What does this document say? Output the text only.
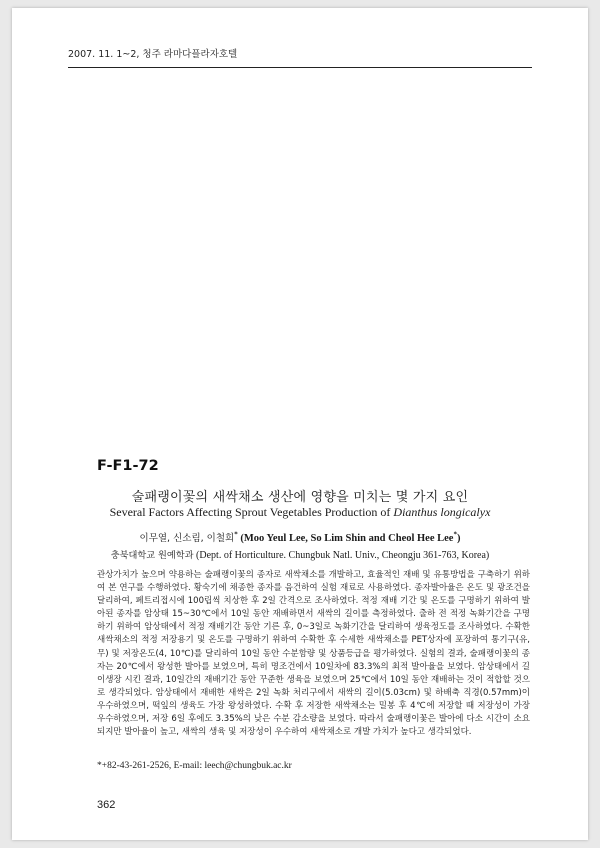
2007. 11. 1~2, 청주 라마다플라자호텔
F-F1-72
술패랭이꽃의 새싹채소 생산에 영향을 미치는 몇 가지 요인
Several Factors Affecting Sprout Vegetables Production of Dianthus longicalyx
이무열, 신소림, 이철희* (Moo Yeul Lee, So Lim Shin and Cheol Hee Lee*)
충북대학교 원예학과 (Dept. of Horticulture. Chungbuk Natl. Univ., Cheongju 361-763, Korea)
관상가치가 높으며 약용하는 술패랭이꽃의 종자로 새싹채소를 개발하고, 효율적인 재배 및 유통방법을 구축하기 위하여 본 연구를 수행하였다. 황숙기에 채종한 종자를 음건하여 실험 재료로 사용하였다. 종자발아율은 온도 및 광조건을 달리하여, 페트리접시에 100립씩 치상한 후 2일 간격으로 조사하였다. 적정 재배 기간 및 온도를 구명하기 위하여 발아된 종자를 암상태 15~30℃에서 10일 동안 재배하면서 새싹의 길이를 측정하였다. 출하 전 적정 녹화기간을 구명하기 위하여 암상태에서 적정 재배기간 동안 기른 후, 0~3일로 녹화기간을 달리하여 생육정도를 조사하였다. 수확한 새싹채소의 적정 저장용기 및 온도를 구명하기 위하여 수확한 후 수세한 새싹채소를 PET상자에 포장하여 통기구(유, 무) 및 저장온도(4, 10℃)를 달리하여 10일 동안 수분함량 및 상품등급을 평가하였다. 실험의 결과, 술패랭이꽃의 종자는 20℃에서 왕성한 발아를 보였으며, 특히 명조건에서 10일차에 83.3%의 최적 발아율을 보였다. 암상태에서 길이생장 시킨 결과, 10일간의 재배기간 동안 꾸준한 생육을 보였으며 25℃에서 10일 동안 재배하는 것이 적합할 것으로 생각되었다. 암상태에서 재배한 새싹은 2일 녹화 처리구에서 새싹의 길이(5.03cm) 및 하배축 직경(0.57mm)이 우수하였으며, 떡잎의 생육도 가장 왕성하였다. 수확 후 저장한 새싹채소는 밀봉 후 4℃에 저장할 때 저장성이 가장 우수하였으며, 저장 6일 후에도 3.35%의 낮은 수분 감소량을 보였다. 따라서 술패랭이꽃은 발아에 다소 시간이 소요되지만 발아율이 높고, 새싹의 생육 및 저장성이 우수하여 새싹채소로 개발 가치가 높다고 생각되었다.
*+82-43-261-2526, E-mail: leech@chungbuk.ac.kr
362
